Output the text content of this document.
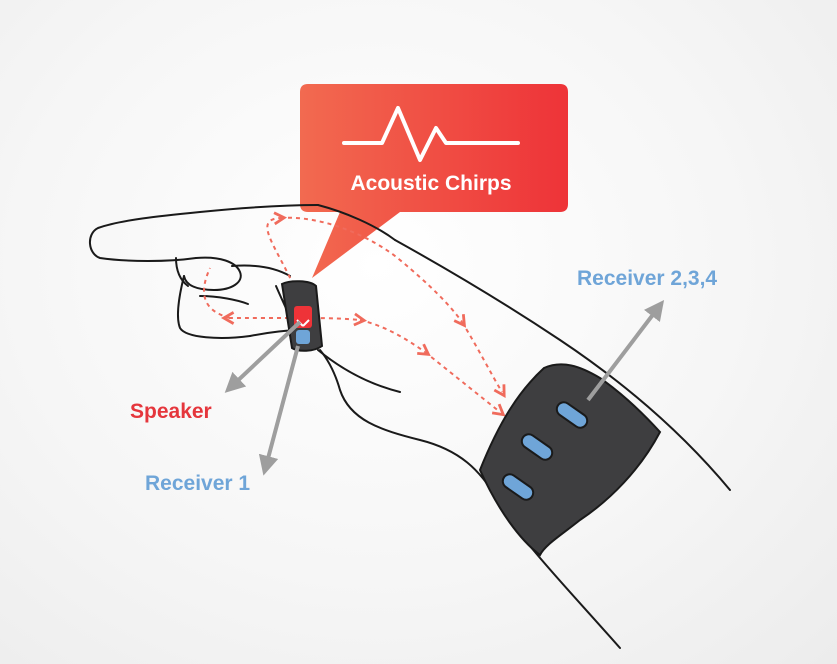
Acoustic Chirps
Speaker
Receiver 1
Receiver 2,3,4
